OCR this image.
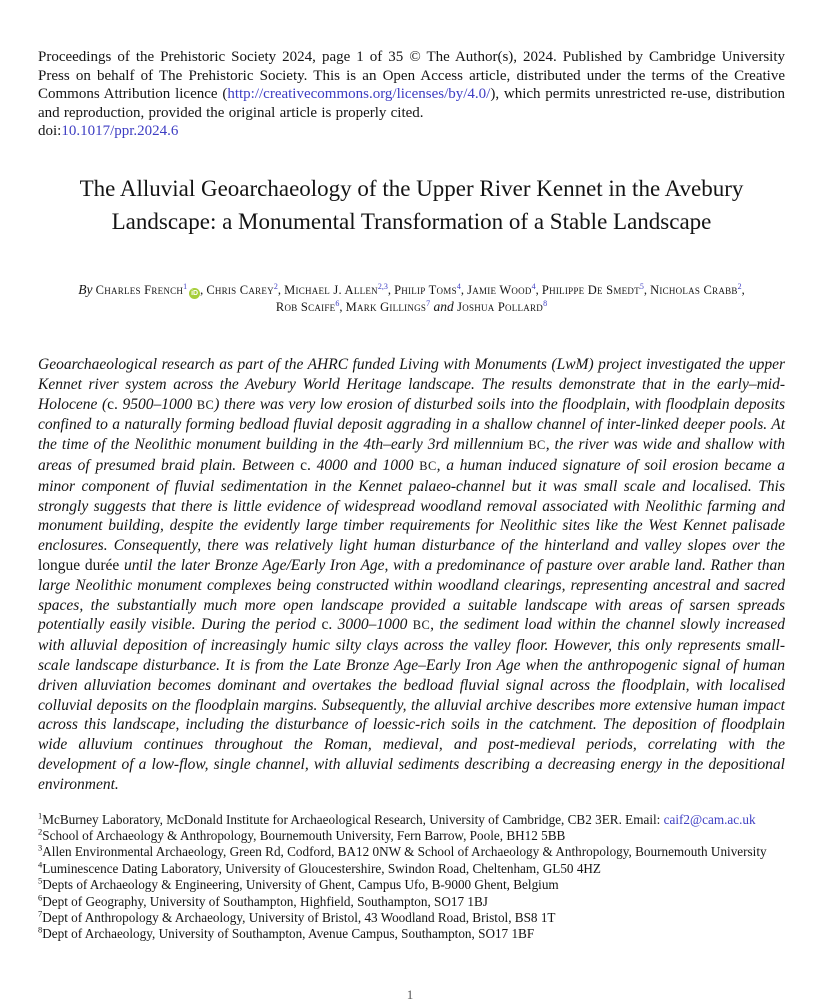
Proceedings of the Prehistoric Society 2024, page 1 of 35 © The Author(s), 2024. Published by Cambridge University Press on behalf of The Prehistoric Society. This is an Open Access article, distributed under the terms of the Creative Commons Attribution licence (http://creativecommons.org/licenses/by/4.0/), which permits unrestricted re-use, distribution and reproduction, provided the original article is properly cited.

doi:10.1017/ppr.2024.6
The Alluvial Geoarchaeology of the Upper River Kennet in the Avebury Landscape: a Monumental Transformation of a Stable Landscape
By Charles French$^1$iD , Chris Carey$^2$, Michael J. Allen$^{2,3}$, Philip Toms$^4$, Jamie Wood$^4$, Philippe De Smedt$^5$, Nicholas Crabb$^2$, Rob Scaife$^6$, Mark Gillings$^7$ and Joshua Pollard$^8$

Geoarchaeological research as part of the AHRC funded Living with Monuments (LwM) project investigated the upper Kennet river system across the Avebury World Heritage landscape. The results demonstrate that in the early–mid-Holocene (c. 9500–1000 BC) there was very low erosion of disturbed soils into the floodplain, with floodplain deposits confined to a naturally forming bedload fluvial deposit aggrading in a shallow channel of inter-linked deeper pools. At the time of the Neolithic monument building in the 4th–early 3rd millennium BC, the river was wide and shallow with areas of presumed braid plain. Between c. 4000 and 1000 BC, a human induced signature of soil erosion became a minor component of fluvial sedimentation in the Kennet palaeo-channel but it was small scale and localised. This strongly suggests that there is little evidence of widespread woodland removal associated with Neolithic farming and monument building, despite the evidently large timber requirements for Neolithic sites like the West Kennet palisade enclosures. Consequently, there was relatively light human disturbance of the hinterland and valley slopes over the longue durée until the later Bronze Age/Early Iron Age, with a predominance of pasture over arable land. Rather than large Neolithic monument complexes being constructed within woodland clearings, representing ancestral and sacred spaces, the substantially much more open landscape provided a suitable landscape with areas of sarsen spreads potentially easily visible. During the period c. 3000–1000 BC, the sediment load within the channel slowly increased with alluvial deposition of increasingly humic silty clays across the valley floor. However, this only represents small-scale landscape disturbance. It is from the Late Bronze Age–Early Iron Age when the anthropogenic signal of human driven alluviation becomes dominant and overtakes the bedload fluvial signal across the floodplain, with localised colluvial deposits on the floodplain margins. Subsequently, the alluvial archive describes more extensive human impact across this landscape, including the disturbance of loessic-rich soils in the catchment. The deposition of floodplain wide alluvium continues throughout the Roman, medieval, and post-medieval periods, correlating with the development of a low-flow, single channel, with alluvial sediments describing a decreasing energy in the depositional environment.

$^1$McBurney Laboratory, McDonald Institute for Archaeological Research, University of Cambridge, CB2 3ER. Email: caif2@cam.ac.uk
$^2$School of Archaeology & Anthropology, Bournemouth University, Fern Barrow, Poole, BH12 5BB
$^3$Allen Environmental Archaeology, Green Rd, Codford, BA12 0NW & School of Archaeology & Anthropology, Bournemouth University
$^4$Luminescence Dating Laboratory, University of Gloucestershire, Swindon Road, Cheltenham, GL50 4HZ
$^5$Depts of Archaeology & Engineering, University of Ghent, Campus Ufo, B-9000 Ghent, Belgium
$^6$Dept of Geography, University of Southampton, Highfield, Southampton, SO17 1BJ
$^7$Dept of Anthropology & Archaeology, University of Bristol, 43 Woodland Road, Bristol, BS8 1T
$^8$Dept of Archaeology, University of Southampton, Avenue Campus, Southampton, SO17 1BF
1
